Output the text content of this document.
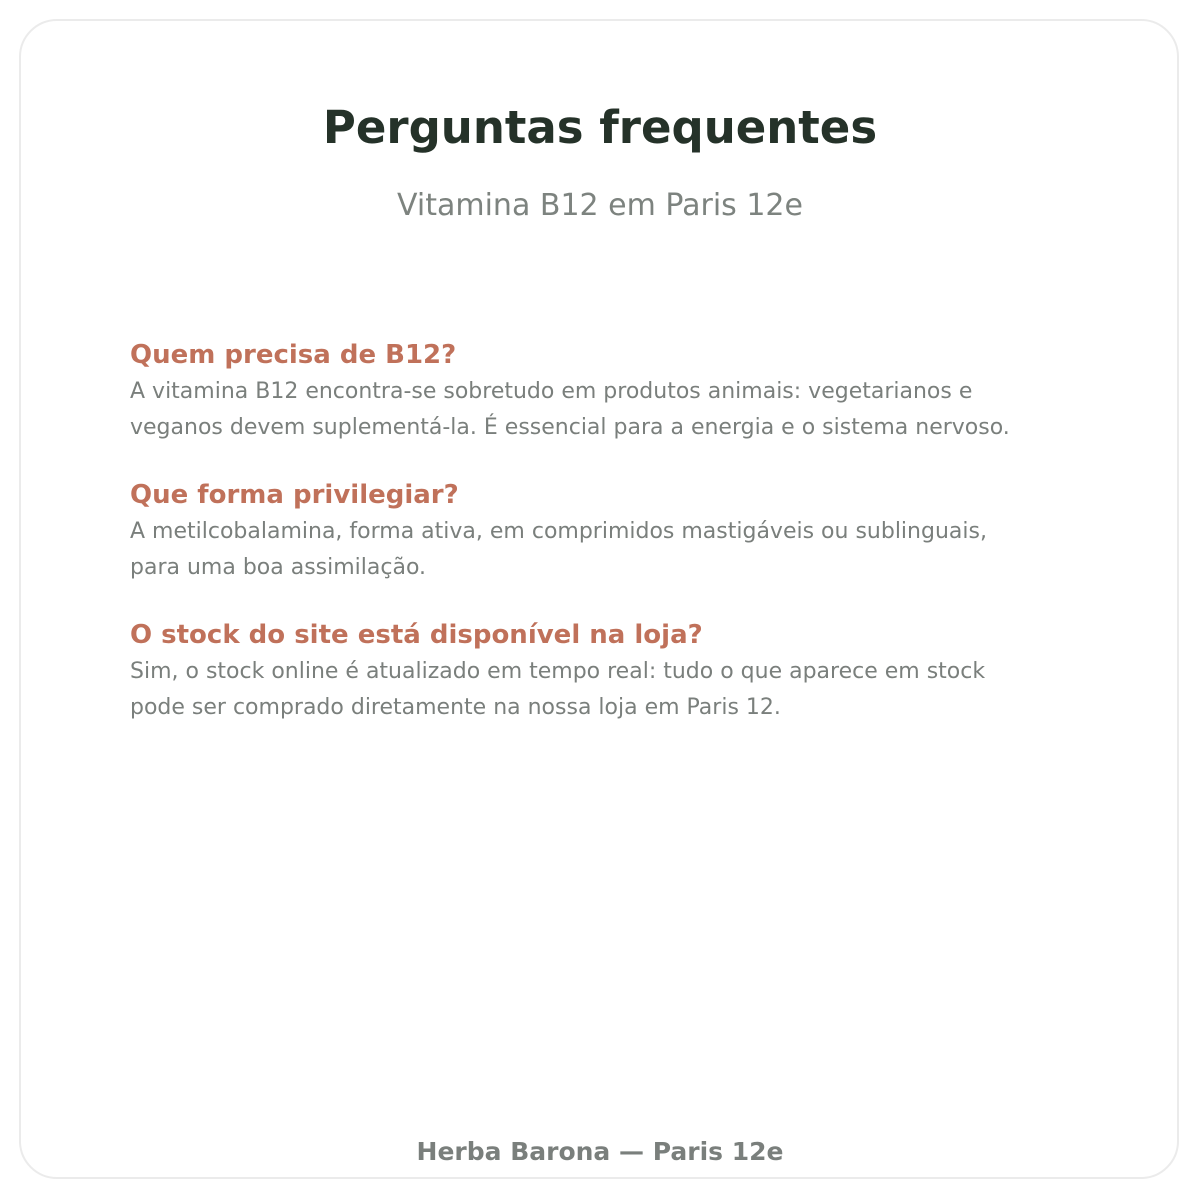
Perguntas frequentes

Vitamina B12 em Paris 12e

Quem precisa de B12?

A vitamina B12 encontra-se sobretudo em produtos animais: vegetarianos e
veganos devem suplementá-la. É essencial para a energia e o sistema nervoso.

Que forma privilegiar?

A metilcobalamina, forma ativa, em comprimidos mastigáveis ou sublinguais,
para uma boa assimilação.

O stock do site está disponível na loja?

Sim, o stock online é atualizado em tempo real: tudo o que aparece em stock
pode ser comprado diretamente na nossa loja em Paris 12.

Herba Barona — Paris 12e
